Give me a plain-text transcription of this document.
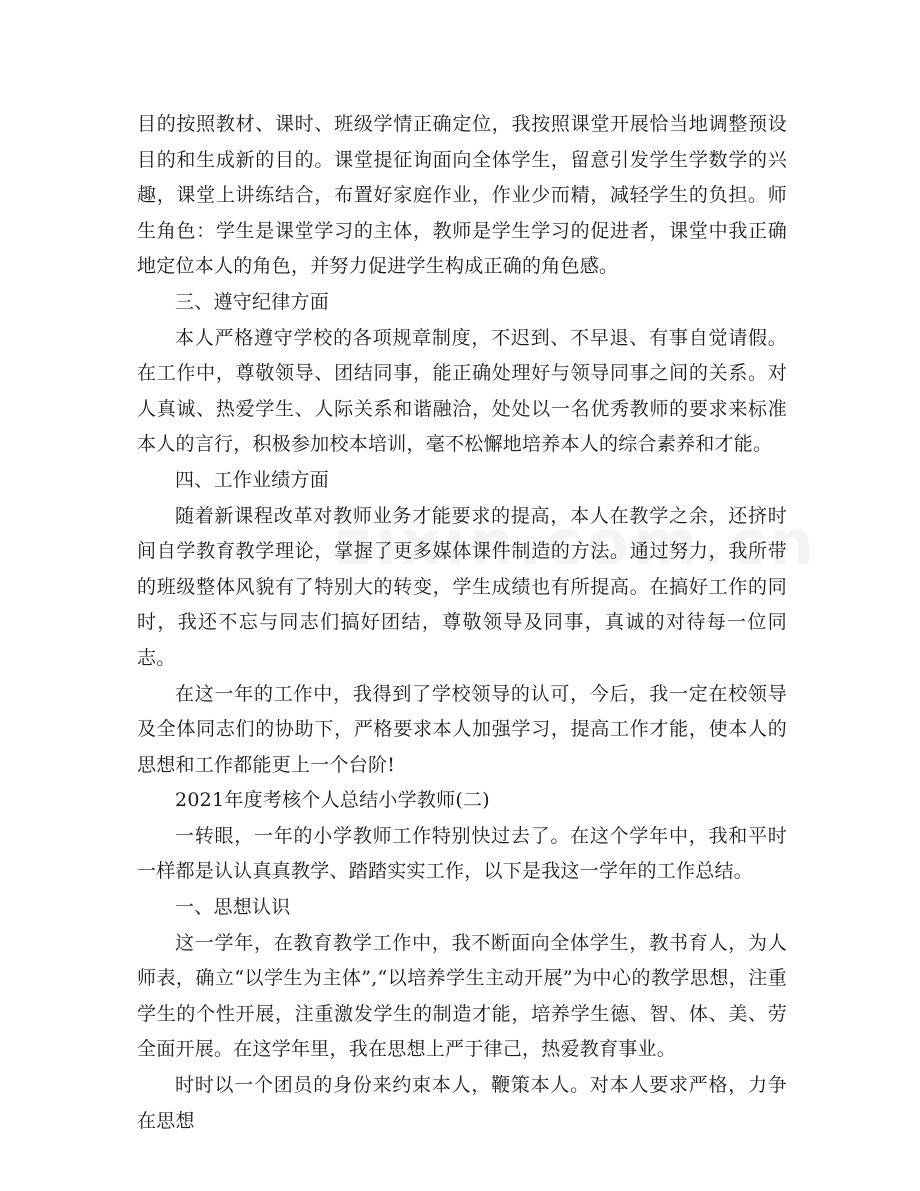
目的按照教材、课时、班级学情正确定位，我按照课堂开展恰当地调整预设目的和生成新的目的。课堂提征询面向全体学生，留意引发学生学数学的兴趣，课堂上讲练结合，布置好家庭作业，作业少而精，减轻学生的负担。师生角色：学生是课堂学习的主体，教师是学生学习的促进者，课堂中我正确地定位本人的角色，并努力促进学生构成正确的角色感。

三、遵守纪律方面

本人严格遵守学校的各项规章制度，不迟到、不早退、有事自觉请假。在工作中，尊敬领导、团结同事，能正确处理好与领导同事之间的关系。对人真诚、热爱学生、人际关系和谐融洽，处处以一名优秀教师的要求来标准本人的言行，积极参加校本培训，毫不松懈地培养本人的综合素养和才能。

四、工作业绩方面

随着新课程改革对教师业务才能要求的提高，本人在教学之余，还挤时间自学教育教学理论，掌握了更多媒体课件制造的方法。通过努力，我所带的班级整体风貌有了特别大的转变，学生成绩也有所提高。在搞好工作的同时，我还不忘与同志们搞好团结，尊敬领导及同事，真诚的对待每一位同志。

在这一年的工作中，我得到了学校领导的认可，今后，我一定在校领导及全体同志们的协助下，严格要求本人加强学习，提高工作才能，使本人的思想和工作都能更上一个台阶!

2021年度考核个人总结小学教师(二)

一转眼，一年的小学教师工作特别快过去了。在这个学年中，我和平时一样都是认认真真教学、踏踏实实工作，以下是我这一学年的工作总结。

一、思想认识

这一学年，在教育教学工作中，我不断面向全体学生，教书育人，为人师表，确立“以学生为主体”,“以培养学生主动开展”为中心的教学思想，注重学生的个性开展，注重激发学生的制造才能，培养学生德、智、体、美、劳全面开展。在这学年里，我在思想上严于律己，热爱教育事业。

时时以一个团员的身份来约束本人，鞭策本人。对本人要求严格，力争在思想
